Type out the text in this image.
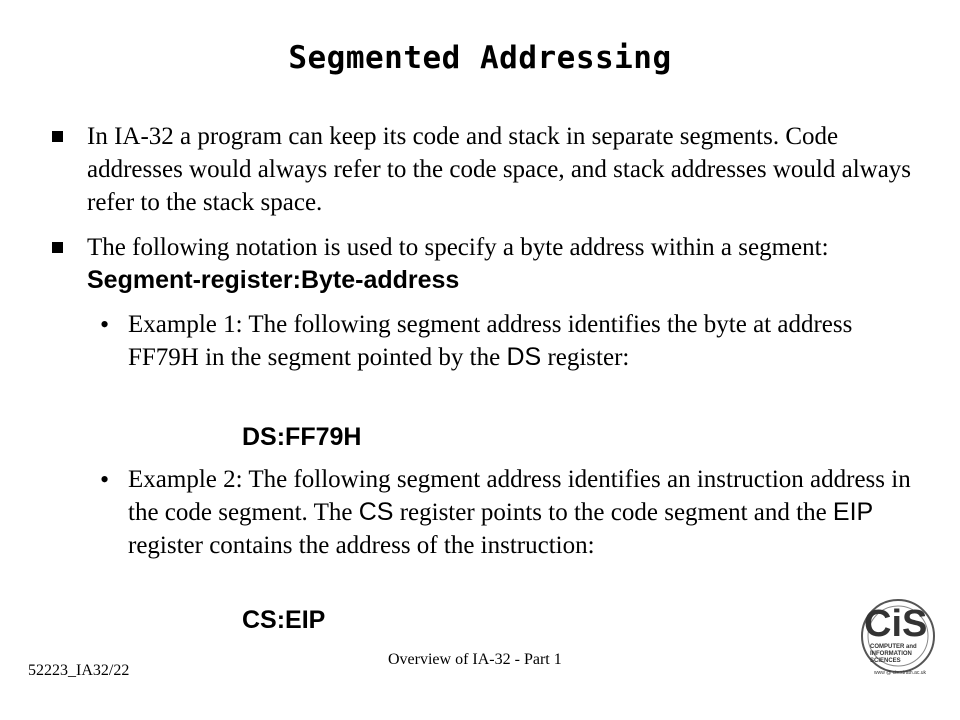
Segmented Addressing
In IA-32 a program can keep its code and stack in separate segments. Code addresses would always refer to the code space, and stack addresses would always refer to the stack space.
The following notation is used to specify a byte address within a segment: Segment-register:Byte-address
• Example 1: The following segment address identifies the byte at address FF79H in the segment pointed by the DS register:
DS:FF79H
• Example 2: The following segment address identifies an instruction address in the code segment. The CS register points to the code segment and the EIP register contains the address of the instruction:
CS:EIP
52223_IA32/22
Overview of IA-32 - Part 1
CiS
COMPUTER and
INFORMATION
SCIENCES
www @ cis.strath.ac.uk
